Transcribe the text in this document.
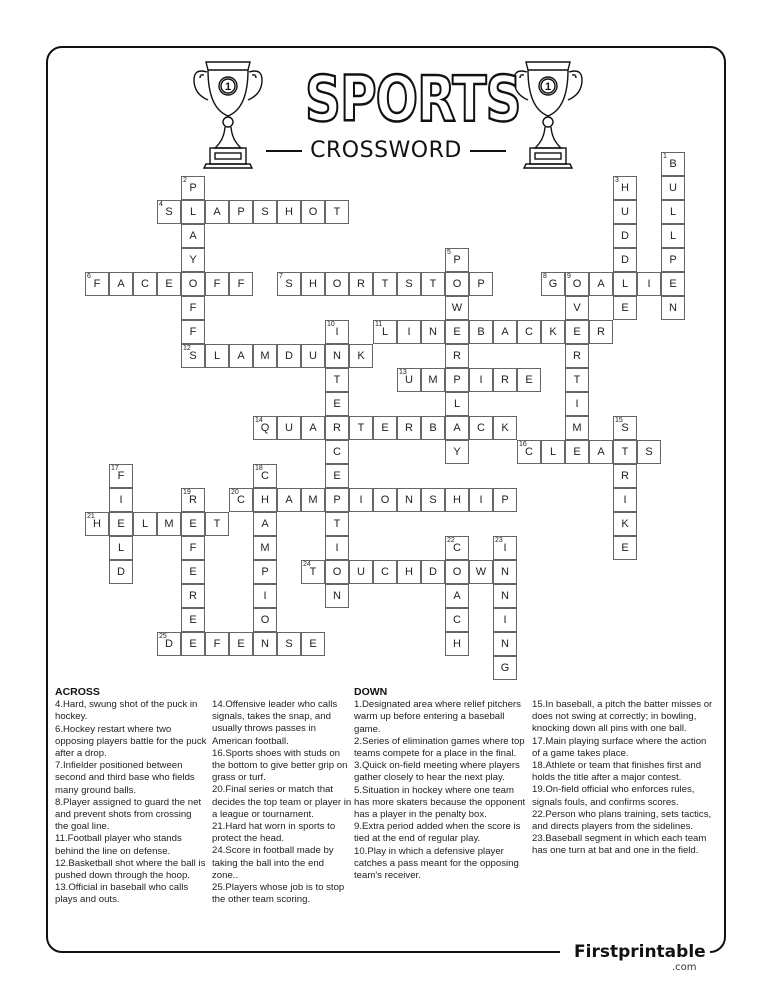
1	1
SPORTS
CROSSWORD	1
B
U
L
L
P
E
N
2
P
L
A
Y
O
F
F
3
H
U
D
D
L
E
4
S	A P S H O T
5
P
O
W
E
R
P
L
A
Y
6
F A C E	F F
7
S H O R T S T	P
8
G
9
O A	I
V
E
R
T
I
M
E
10
I
N
T
E
R
C
E
P
T
I
O
N
11
L I N	B A C K	R
12
S L A M D U	K
13
U M	I R E
14
Q U A	T E R B	C K
15
S
T
R
I
K
E
16
C L	A	S
17
F
I
E
L
D
18
C
H
A
M
P
I
O
N
19
R
E
F
E
R
E
E
20
C	A M	I O N S H I P
21
H	L M	T
22
C
O
A
C
H
23
I
N
N
I
N
G
24
T	U C H D	W
25
D	F E	S E
ACROSS

4.Hard, swung shot of the puck in hockey.

6.Hockey restart where two opposing players battle for the puck after a drop.

7.Infielder positioned between second and third base who fields many ground balls.

8.Player assigned to guard the net and prevent shots from crossing the goal line.

11.Football player who stands behind the line on defense.

12.Basketball shot where the ball is pushed down through the hoop.

13.Official in baseball who calls plays and outs.

14.Offensive leader who calls signals, takes the snap, and usually throws passes in American football.

16.Sports shoes with studs on the bottom to give better grip on grass or turf.

20.Final series or match that decides the top team or player in a league or tournament.

21.Hard hat worn in sports to protect the head.

24.Score in football made by taking the ball into the end zone..

25.Players whose job is to stop the other team scoring.

DOWN

1.Designated area where relief pitchers warm up before entering a baseball game.

2.Series of elimination games where top teams compete for a place in the final.

3.Quick on-field meeting where players gather closely to hear the next play.

5.Situation in hockey where one team has more skaters because the opponent has a player in the penalty box.

9.Extra period added when the score is tied at the end of regular play.

10.Play in which a defensive player catches a pass meant for the opposing team's receiver.

15.In baseball, a pitch the batter misses or does not swing at correctly; in bowling, knocking down all pins with one ball.

17.Main playing surface where the action of a game takes place.

18.Athlete or team that finishes first and holds the title after a major contest.

19.On-field official who enforces rules, signals fouls, and confirms scores.

22.Person who plans training, sets tactics, and directs players from the sidelines.

23.Baseball segment in which each team has one turn at bat and one in the field.

Firstprintable
.com
